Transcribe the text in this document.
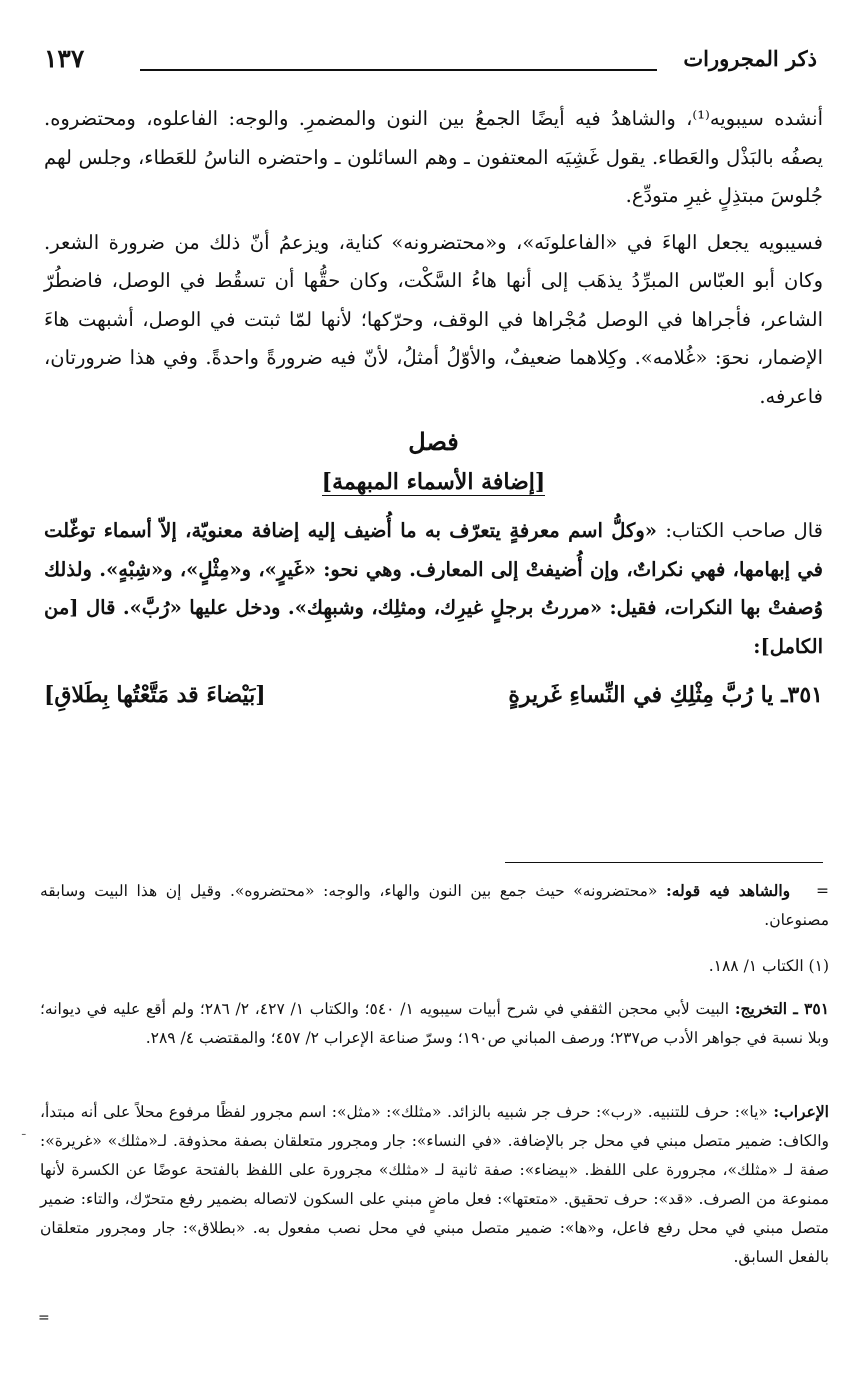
ذكر المجرورات
١٣٧

أنشده سيبويه⁽¹⁾، والشاهدُ فيه أيضًا الجمعُ بين النون والمضمرِ. والوجه: الفاعلوه، ومحتضروه. يصفُه بالبَذْل والعَطاء. يقول غَشِيَه المعتفون ـ وهم السائلون ـ واحتضره الناسُ للعَطاء، وجلس لهم جُلوسَ مبتذِلٍ غيرِ متودِّع.

فسيبويه يجعل الهاءَ في «الفاعلونَه»، و«محتضرونه» كناية، ويزعمُ أنّ ذلك من ضرورة الشعر. وكان أبو العبّاس المبرِّدُ يذهَب إلى أنها هاءُ السَّكْت، وكان حقُّها أن تسقُط في الوصل، فاضطُرّ الشاعر، فأجراها في الوصل مُجْراها في الوقف، وحرّكها؛ لأنها لمّا ثبتت في الوصل، أشبهت هاءَ الإضمار، نحوَ: «غُلامه». وكِلاهما ضعيفٌ، والأوّلُ أمثلُ، لأنّ فيه ضرورةً واحدةً. وفي هذا ضرورتان، فاعرفه.

فصل
[إضافة الأسماء المبهمة]

قال صاحب الكتاب: «وكلُّ اسم معرفةٍ يتعرّف به ما أُضيف إليه إضافة معنويّة، إلاّ أسماء توغّلت في إبهامها، فهي نكراتٌ، وإن أُضيفتْ إلى المعارف. وهي نحو: «غَيرٍ»، و«مِثْلٍ»، و«شِبْهٍ». ولذلك وُصفتْ بها النكرات، فقيل: «مررتُ برجلٍ غيرِك، ومثلِك، وشبهِك». ودخل عليها «رُبَّ». قال [من الكامل]:

٣٥١ـ يا رُبَّ مِثْلِكِ في النِّساءِ غَريرةٍ
[بَيْضاءَ قد مَتَّعْتُها بِطَلاقِ]

=   والشاهد فيه قوله: «محتضرونه» حيث جمع بين النون والهاء، والوجه: «محتضروه». وقيل إن هذا البيت وسابقه مصنوعان.

(١) الكتاب ١/ ١٨٨.

٣٥١ ـ التخريج: البيت لأبي محجن الثقفي في شرح أبيات سيبويه ١/ ٥٤٠؛ والكتاب ١/ ٤٢٧، ٢/ ٢٨٦؛ ولم أقع عليه في ديوانه؛ وبلا نسبة في جواهر الأدب ص٢٣٧؛ ورصف المباني ص١٩٠؛ وسرّ صناعة الإعراب ٢/ ٤٥٧؛ والمقتضب ٤/ ٢٨٩.

الإعراب: «يا»: حرف للتنبيه. «رب»: حرف جر شبيه بالزائد. «مثلك»: «مثل»: اسم مجرور لفظًا مرفوع محلاً على أنه مبتدأ، والكاف: ضمير متصل مبني في محل جر بالإضافة. «في النساء»: جار ومجرور متعلقان بصفة محذوفة. لـ«مثلك» «غريرة»: صفة لـ «مثلك»، مجرورة على اللفظ. «بيضاء»: صفة ثانية لـ «مثلك» مجرورة على اللفظ بالفتحة عوضًا عن الكسرة لأنها ممنوعة من الصرف. «قد»: حرف تحقيق. «متعتها»: فعل ماضٍ مبني على السكون لاتصاله بضمير رفع متحرّك، والتاء: ضمير متصل مبني في محل رفع فاعل، و«ها»: ضمير متصل مبني في محل نصب مفعول به. «بطلاق»: جار ومجرور متعلقان بالفعل السابق.

=
ـ
